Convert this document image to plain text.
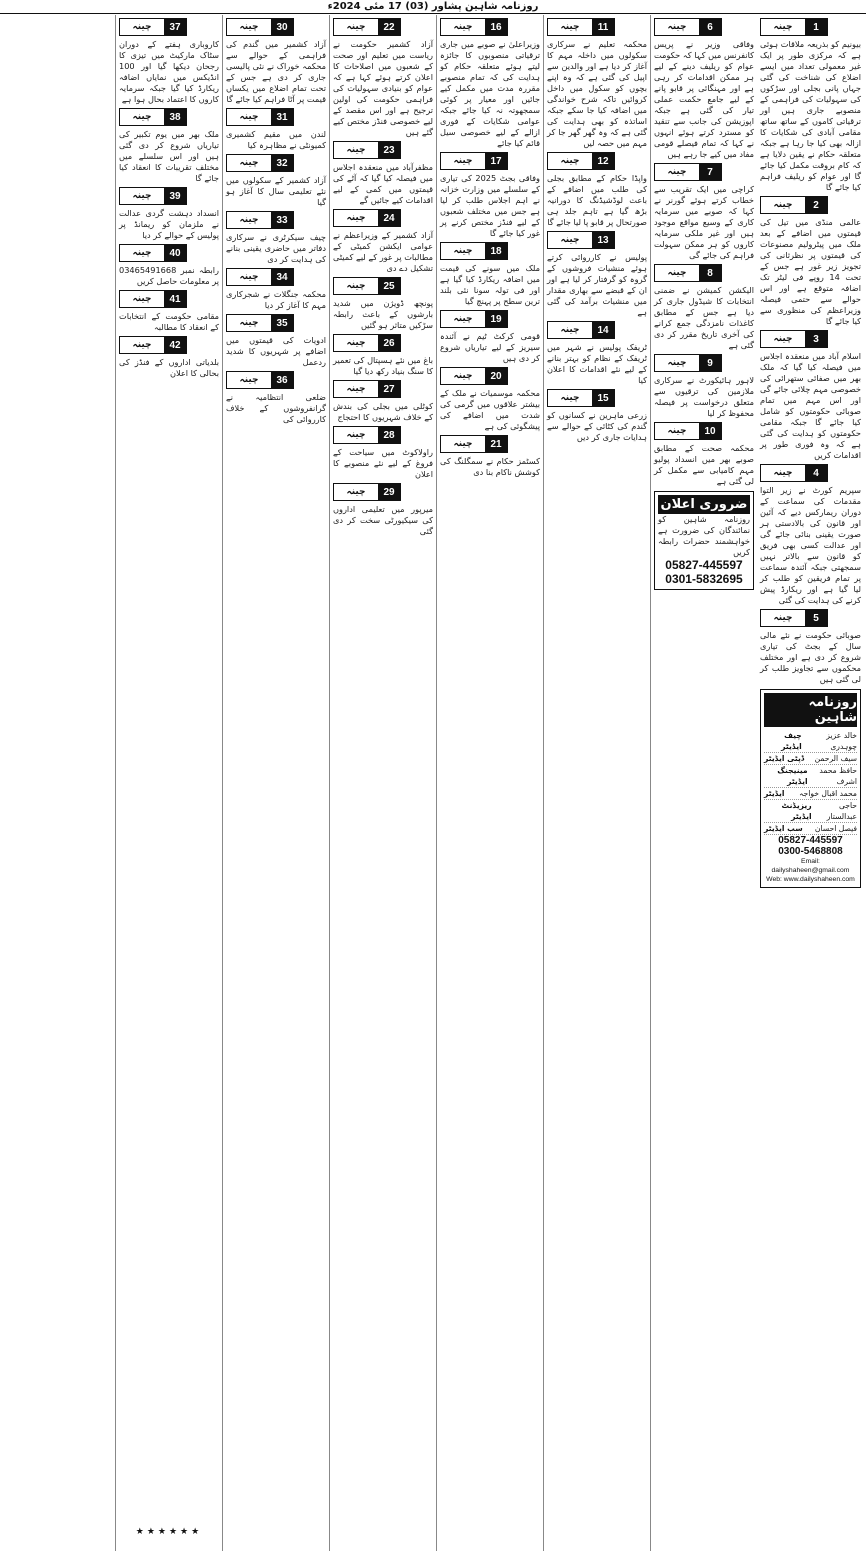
روزنامہ شاہین پشاور (03) 17 مئی 2024ء
1
چینہ
بیونیم کو بذریعہ ملاقات ہوئی ہے کہ مرکزی طور پر ایک غیر معمولی تعداد میں ایسے اضلاع کی شناخت کی گئی جہاں پانی بجلی اور سڑکوں کی سہولیات کی فراہمی کے منصوبے جاری ہیں اور ترقیاتی کاموں کے ساتھ ساتھ مقامی آبادی کی شکایات کا ازالہ بھی کیا جا رہا ہے جبکہ متعلقہ حکام نے یقین دلایا ہے کہ کام بروقت مکمل کیا جائے گا اور عوام کو ریلیف فراہم کیا جائے گا
2
چینہ
عالمی منڈی میں تیل کی قیمتوں میں اضافے کے بعد ملک میں پیٹرولیم مصنوعات کی قیمتوں پر نظرثانی کی تجویز زیر غور ہے جس کے تحت 14 روپے فی لیٹر تک اضافہ متوقع ہے اور اس حوالے سے حتمی فیصلہ وزیراعظم کی منظوری سے کیا جائے گا
3
چینہ
اسلام آباد میں منعقدہ اجلاس میں فیصلہ کیا گیا کہ ملک بھر میں صفائی ستھرائی کی خصوصی مہم چلائی جائے گی اور اس مہم میں تمام صوبائی حکومتوں کو شامل کیا جائے گا جبکہ مقامی حکومتوں کو ہدایت کی گئی ہے کہ وہ فوری طور پر اقدامات کریں
4
چینہ
سپریم کورٹ نے زیر التوا مقدمات کی سماعت کے دوران ریمارکس دیے کہ آئین اور قانون کی بالادستی ہر صورت یقینی بنائی جائے گی اور عدالت کسی بھی فریق کو قانون سے بالاتر نہیں سمجھتی جبکہ آئندہ سماعت پر تمام فریقین کو طلب کر لیا گیا ہے اور ریکارڈ پیش کرنے کی ہدایت کی گئی
5
چینہ
صوبائی حکومت نے نئے مالی سال کے بجٹ کی تیاری شروع کر دی ہے اور مختلف محکموں سے تجاویز طلب کر لی گئی ہیں
روزنامہ شاہین
چیف ایڈیٹر
خالد عزیز چوہدری
ڈپٹی ایڈیٹر سیف الرحمن
مینیجنگ ایڈیٹر
حافظ محمد اشرف
ایڈیٹر محمد اقبال خواجہ
ریزیڈنٹ ایڈیٹر
حاجی عبدالستار
سب ایڈیٹر فیصل احسان
05827-445597
0300-5468808
Email: dailyshaheen@gmail.com
Web: www.dailyshaheen.com
6
چینہ
وفاقی وزیر نے پریس کانفرنس میں کہا کہ حکومت عوام کو ریلیف دینے کے لیے ہر ممکن اقدامات کر رہی ہے اور مہنگائی پر قابو پانے کے لیے جامع حکمت عملی تیار کی گئی ہے جبکہ اپوزیشن کی جانب سے تنقید کو مسترد کرتے ہوئے انہوں نے کہا کہ تمام فیصلے قومی مفاد میں کیے جا رہے ہیں
7
چینہ
کراچی میں ایک تقریب سے خطاب کرتے ہوئے گورنر نے کہا کہ صوبے میں سرمایہ کاری کے وسیع مواقع موجود ہیں اور غیر ملکی سرمایہ کاروں کو ہر ممکن سہولت فراہم کی جائے گی
8
چینہ
الیکشن کمیشن نے ضمنی انتخابات کا شیڈول جاری کر دیا ہے جس کے مطابق کاغذات نامزدگی جمع کرانے کی آخری تاریخ مقرر کر دی گئی ہے
9
چینہ
لاہور ہائیکورٹ نے سرکاری ملازمین کی ترقیوں سے متعلق درخواست پر فیصلہ محفوظ کر لیا
10
چینہ
محکمہ صحت کے مطابق صوبے بھر میں انسداد پولیو مہم کامیابی سے مکمل کر لی گئی ہے
ضروری اعلان
روزنامہ شاہین کو نمائندگان کی ضرورت ہے خواہشمند حضرات رابطہ کریں
05827-445597
0301-5832695
11
چینہ
محکمہ تعلیم نے سرکاری سکولوں میں داخلہ مہم کا آغاز کر دیا ہے اور والدین سے اپیل کی گئی ہے کہ وہ اپنے بچوں کو سکول میں داخل کروائیں تاکہ شرح خواندگی میں اضافہ کیا جا سکے جبکہ اساتذہ کو بھی ہدایت کی گئی ہے کہ وہ گھر گھر جا کر مہم میں حصہ لیں
12
چینہ
واپڈا حکام کے مطابق بجلی کی طلب میں اضافے کے باعث لوڈشیڈنگ کا دورانیہ بڑھ گیا ہے تاہم جلد ہی صورتحال پر قابو پا لیا جائے گا
13
چینہ
پولیس نے کارروائی کرتے ہوئے منشیات فروشوں کے گروہ کو گرفتار کر لیا ہے اور ان کے قبضے سے بھاری مقدار میں منشیات برآمد کی گئی ہے
14
چینہ
ٹریفک پولیس نے شہر میں ٹریفک کے نظام کو بہتر بنانے کے لیے نئے اقدامات کا اعلان کیا
15
چینہ
زرعی ماہرین نے کسانوں کو گندم کی کٹائی کے حوالے سے ہدایات جاری کر دیں
16
چینہ
وزیراعلیٰ نے صوبے میں جاری ترقیاتی منصوبوں کا جائزہ لیتے ہوئے متعلقہ حکام کو ہدایت کی کہ تمام منصوبے مقررہ مدت میں مکمل کیے جائیں اور معیار پر کوئی سمجھوتہ نہ کیا جائے جبکہ عوامی شکایات کے فوری ازالے کے لیے خصوصی سیل قائم کیا جائے
17
چینہ
وفاقی بجٹ 2025 کی تیاری کے سلسلے میں وزارت خزانہ نے اہم اجلاس طلب کر لیا ہے جس میں مختلف شعبوں کے لیے فنڈز مختص کرنے پر غور کیا جائے گا
18
چینہ
ملک میں سونے کی قیمت میں اضافہ ریکارڈ کیا گیا ہے اور فی تولہ سونا نئی بلند ترین سطح پر پہنچ گیا
19
چینہ
قومی کرکٹ ٹیم نے آئندہ سیریز کے لیے تیاریاں شروع کر دی ہیں
20
چینہ
محکمہ موسمیات نے ملک کے بیشتر علاقوں میں گرمی کی شدت میں اضافے کی پیشگوئی کی ہے
21
چینہ
کسٹمز حکام نے سمگلنگ کی کوشش ناکام بنا دی
22
چینہ
آزاد کشمیر حکومت نے ریاست میں تعلیم اور صحت کے شعبوں میں اصلاحات کا اعلان کرتے ہوئے کہا ہے کہ عوام کو بنیادی سہولیات کی فراہمی حکومت کی اولین ترجیح ہے اور اس مقصد کے لیے خصوصی فنڈز مختص کیے گئے ہیں
23
چینہ
مظفرآباد میں منعقدہ اجلاس میں فیصلہ کیا گیا کہ آٹے کی قیمتوں میں کمی کے لیے اقدامات کیے جائیں گے
24
چینہ
آزاد کشمیر کے وزیراعظم نے عوامی ایکشن کمیٹی کے مطالبات پر غور کے لیے کمیٹی تشکیل دے دی
25
چینہ
پونچھ ڈویژن میں شدید بارشوں کے باعث رابطہ سڑکیں متاثر ہو گئیں
26
چینہ
باغ میں نئے ہسپتال کی تعمیر کا سنگ بنیاد رکھ دیا گیا
27
چینہ
کوٹلی میں بجلی کی بندش کے خلاف شہریوں کا احتجاج
28
چینہ
راولاکوٹ میں سیاحت کے فروغ کے لیے نئے منصوبے کا اعلان
29
چینہ
میرپور میں تعلیمی اداروں کی سیکیورٹی سخت کر دی گئی
30
چینہ
آزاد کشمیر میں گندم کی فراہمی کے حوالے سے محکمہ خوراک نے نئی پالیسی جاری کر دی ہے جس کے تحت تمام اضلاع میں یکساں قیمت پر آٹا فراہم کیا جائے گا
31
چینہ
لندن میں مقیم کشمیری کمیونٹی نے مظاہرہ کیا
32
چینہ
آزاد کشمیر کے سکولوں میں نئے تعلیمی سال کا آغاز ہو گیا
33
چینہ
چیف سیکرٹری نے سرکاری دفاتر میں حاضری یقینی بنانے کی ہدایت کر دی
34
چینہ
محکمہ جنگلات نے شجرکاری مہم کا آغاز کر دیا
35
چینہ
ادویات کی قیمتوں میں اضافے پر شہریوں کا شدید ردعمل
36
چینہ
ضلعی انتظامیہ نے گرانفروشوں کے خلاف کارروائی کی
37
چینہ
کاروباری ہفتے کے دوران سٹاک مارکیٹ میں تیزی کا رجحان دیکھا گیا اور 100 انڈیکس میں نمایاں اضافہ ریکارڈ کیا گیا جبکہ سرمایہ کاروں کا اعتماد بحال ہوا ہے
38
چینہ
ملک بھر میں یوم تکبیر کی تیاریاں شروع کر دی گئی ہیں اور اس سلسلے میں مختلف تقریبات کا انعقاد کیا جائے گا
39
چینہ
انسداد دہشت گردی عدالت نے ملزمان کو ریمانڈ پر پولیس کے حوالے کر دیا
40
چینہ
رابطہ نمبر 03465491668 پر معلومات حاصل کریں
41
چینہ
مقامی حکومت کے انتخابات کے انعقاد کا مطالبہ
42
چینہ
بلدیاتی اداروں کے فنڈز کی بحالی کا اعلان
★★★★★★
